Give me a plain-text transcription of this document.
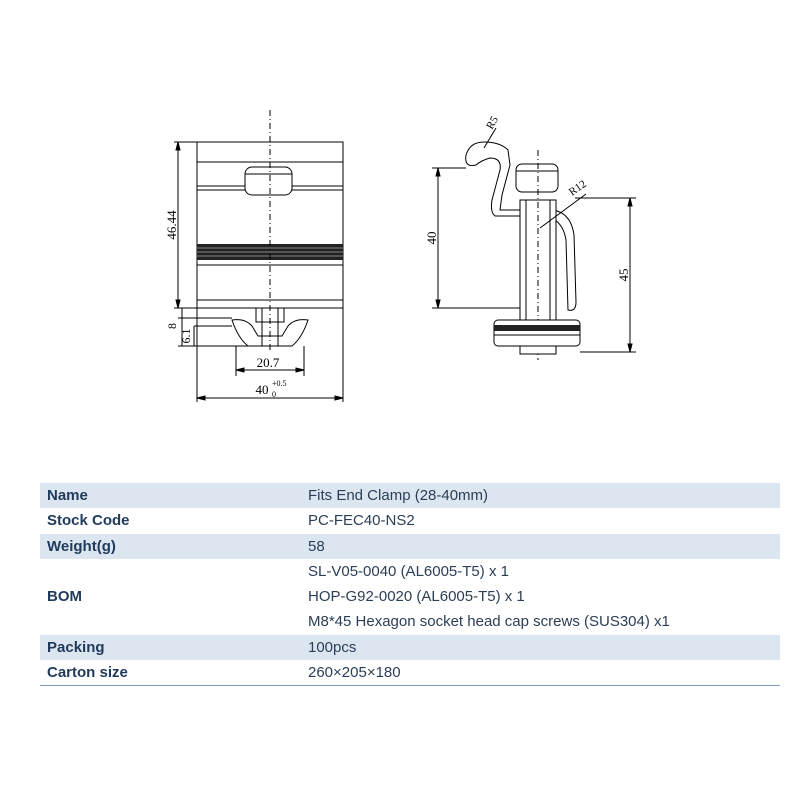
46.44
8
6.1
20.7
40 +0.5
0
40
45
R5
R12
Name	Fits End Clamp (28-40mm)
Stock Code	PC-FEC40-NS2
Weight(g)	58
BOM	SL-V05-0040 (AL6005-T5) x 1
HOP-G92-0020 (AL6005-T5) x 1
M8*45 Hexagon socket head cap screws (SUS304) x1

Packing	100pcs
Carton size	260×205×180
